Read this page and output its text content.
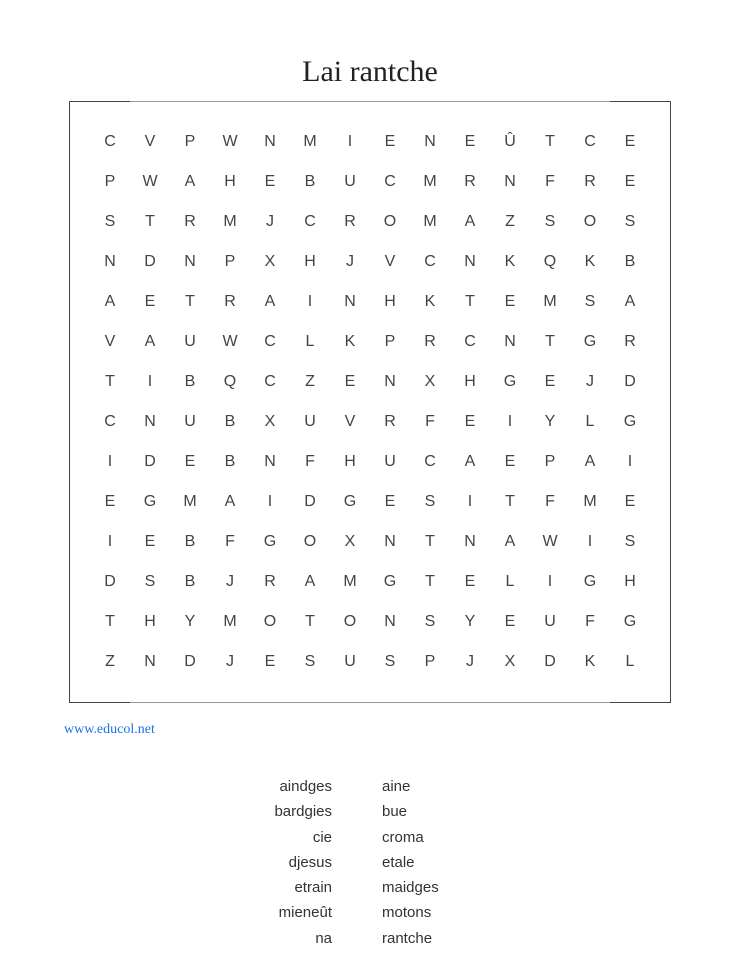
Lai rantche
C	V	P	W	N	M	I	E	N	E	Û	T	C	E
P	W	A	H	E	B	U	C	M	R	N	F	R	E
S	T	R	M	J	C	R	O	M	A	Z	S	O	S
N	D	N	P	X	H	J	V	C	N	K	Q	K	B
A	E	T	R	A	I	N	H	K	T	E	M	S	A
V	A	U	W	C	L	K	P	R	C	N	T	G	R
T	I	B	Q	C	Z	E	N	X	H	G	E	J	D
C	N	U	B	X	U	V	R	F	E	I	Y	L	G
I	D	E	B	N	F	H	U	C	A	E	P	A	I
E	G	M	A	I	D	G	E	S	I	T	F	M	E
I	E	B	F	G	O	X	N	T	N	A	W	I	S
D	S	B	J	R	A	M	G	T	E	L	I	G	H
T	H	Y	M	O	T	O	N	S	Y	E	U	F	G
Z	N	D	J	E	S	U	S	P	J	X	D	K	L
www.educol.net
aindges
bardgies
cie
djesus
etrain
mieneût
na
aine
bue
croma
etale
maidges
motons
rantche
